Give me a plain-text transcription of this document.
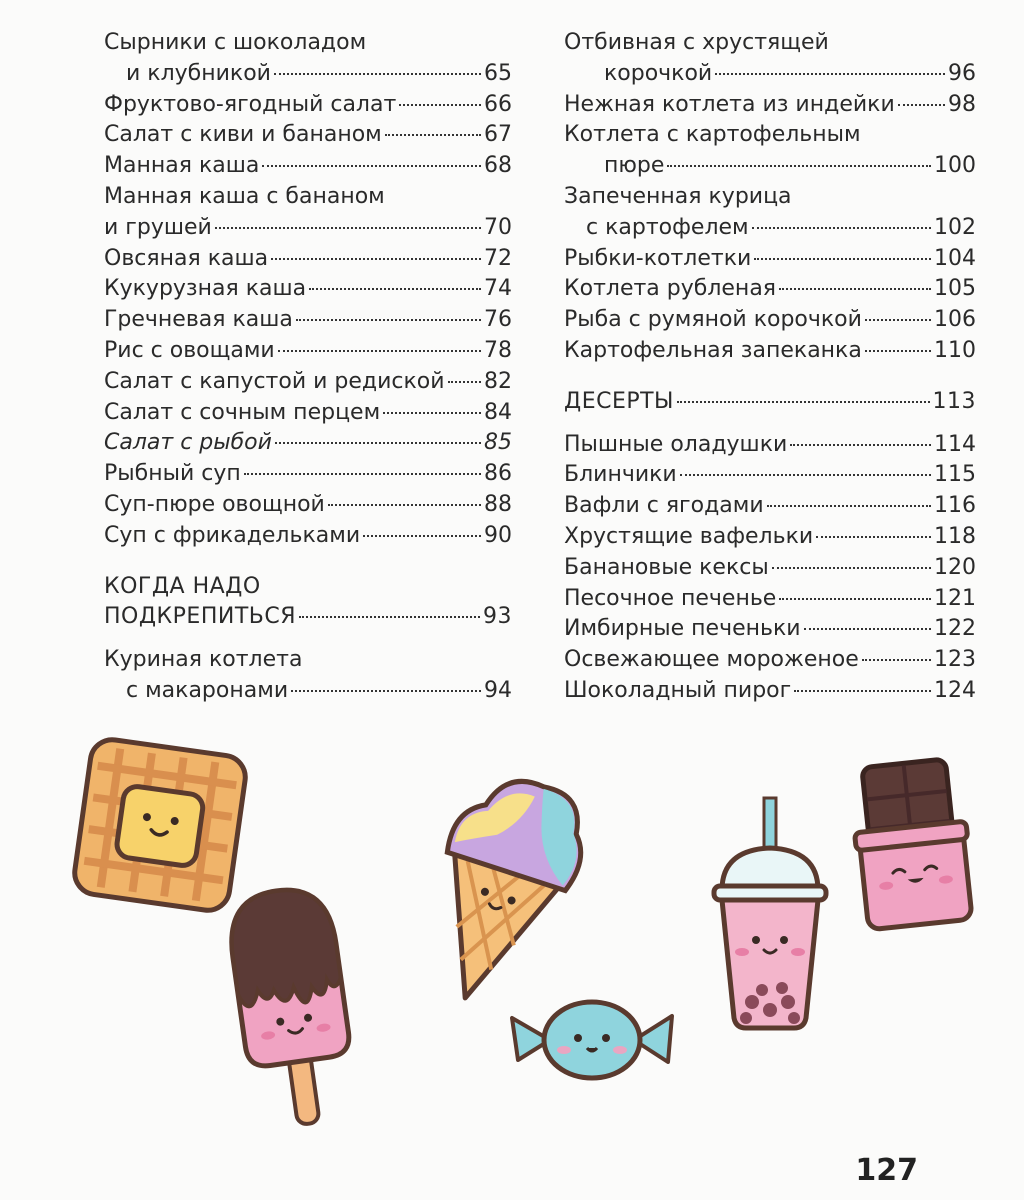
Сырники с шоколадом
и клубникой	65
Фруктово-ягодный салат	66
Салат с киви и бананом	67
Манная каша	68
Манная каша с бананом
и грушей	70
Овсяная каша	72
Кукурузная каша	74
Гречневая каша	76
Рис с овощами	78
Салат с капустой и редиской 82
Салат с сочным перцем	84
Салат с рыбой	85
Рыбный суп	86
Суп-пюре овощной	88
Суп с фрикадельками	90
КОГДА НАДО
ПОДКРЕПИТЬСЯ	93
Куриная котлета
с макаронами	94
Отбивная с хрустящей
корочкой	96
Нежная котлета из индейки 98
Котлета с картофельным
пюре	100
Запеченная курица
с картофелем	102
Рыбки-котлетки	104
Котлета рубленая	105
Рыба с румяной корочкой	106
Картофельная запеканка	110
ДЕСЕРТЫ	113
Пышные оладушки	114
Блинчики	115
Вафли с ягодами	116
Хрустящие вафельки	118
Банановые кексы	120
Песочное печенье	121
Имбирные печеньки	122
Освежающее мороженое	123
Шоколадный пирог	124
127
